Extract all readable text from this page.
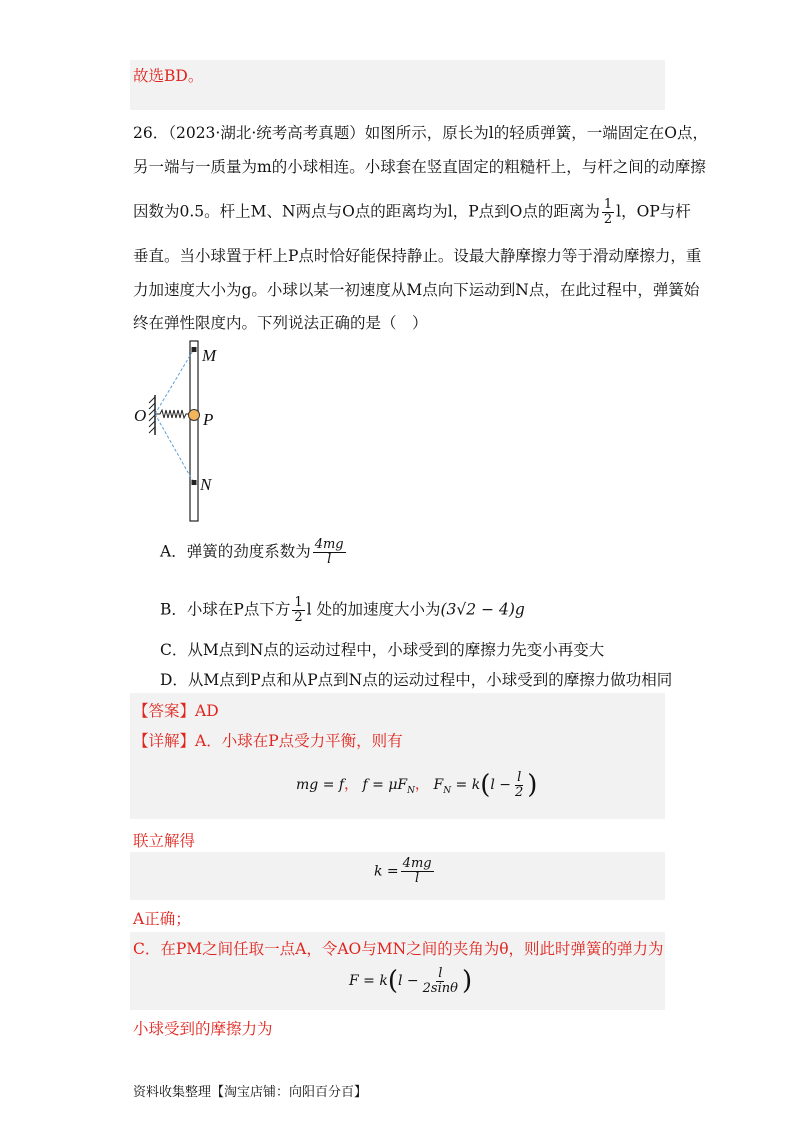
故选BD。
26．（2023·湖北·统考高考真题）如图所示，原长为l的轻质弹簧，一端固定在O点，
另一端与一质量为m的小球相连。小球套在竖直固定的粗糙杆上，与杆之间的动摩擦
因数为0.5。杆上M、N两点与O点的距离均为l，P点到O点的距离为 $\frac{1}{2}$ l，OP与杆
垂直。当小球置于杆上P点时恰好能保持静止。设最大静摩擦力等于滑动摩擦力，重
力加速度大小为g。小球以某一初速度从M点向下运动到N点，在此过程中，弹簧始
终在弹性限度内。下列说法正确的是（　）
M
O	P
N
A．弹簧的劲度系数为 $\frac{4mg}{l}$
B．小球在P点下方 $\frac{1}{2}$ l 处的加速度大小为(3√2 − 4)g
C．从M点到N点的运动过程中，小球受到的摩擦力先变小再变大
D．从M点到P点和从P点到N点的运动过程中，小球受到的摩擦力做功相同
【答案】AD
【详解】A．小球在P点受力平衡，则有
mg = f， $f = \mu F_N$， $F_N = k(l - \frac{l}{2}$ )
联立解得
$k = \frac{4mg}{l}$
A正确；
C．在PM之间任取一点A，令AO与MN之间的夹角为θ，则此时弹簧的弹力为
$F = k(l - \frac{l}{2\sin\theta}$ )
小球受到的摩擦力为
资料收集整理【淘宝店铺：向阳百分百】
